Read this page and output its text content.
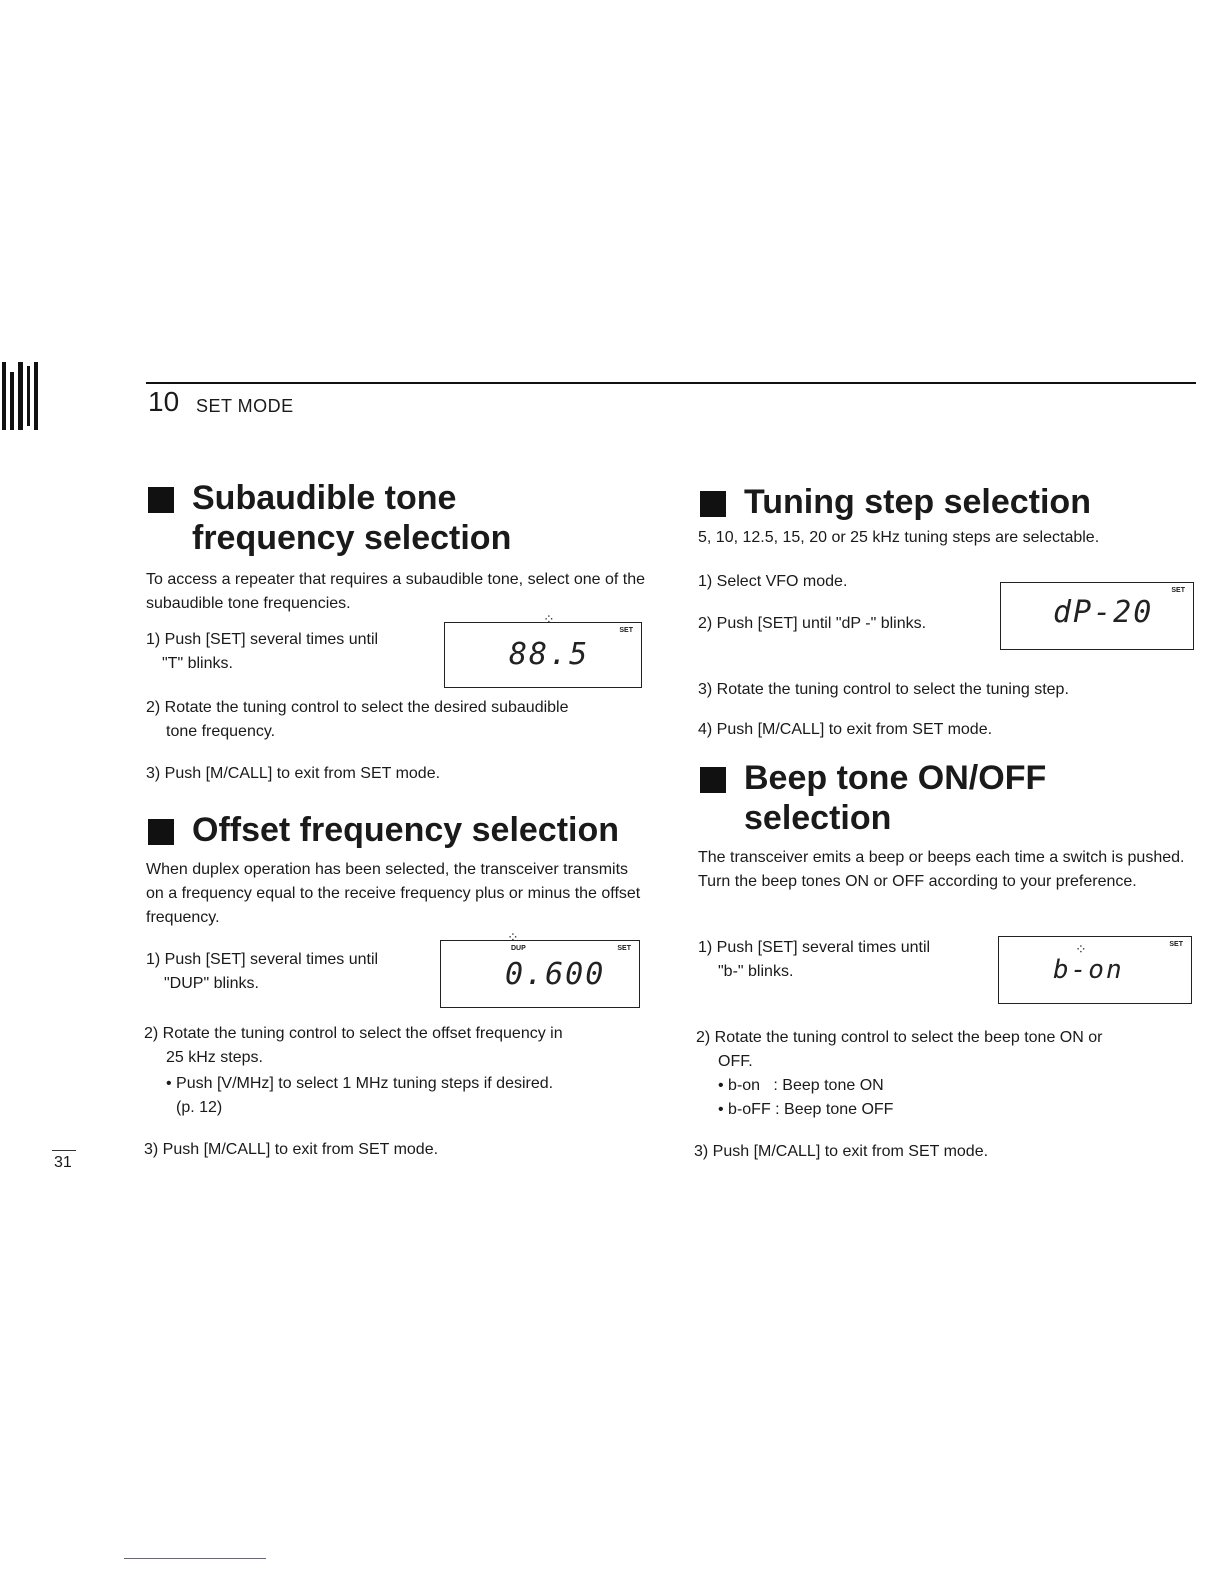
10 SET MODE
Subaudible tone
frequency selection

To access a repeater that requires a subaudible tone, select one of the subaudible tone frequencies.

1) Push [SET] several times until
"T" blinks.
⁘
88.5
SET
2) Rotate the tuning control to select the desired subaudible
tone frequency.
3) Push [M/CALL] to exit from SET mode.
Offset frequency selection

When duplex operation has been selected, the transceiver transmits on a frequency equal to the receive frequency plus or minus the offset frequency.

1) Push [SET] several times until
"DUP" blinks.
DUP
⁘
0.600
SET
2) Rotate the tuning control to select the offset frequency in
25 kHz steps.
• Push [V/MHz] to select 1 MHz tuning steps if desired.
(p. 12)
3) Push [M/CALL] to exit from SET mode.
Tuning step selection

5, 10, 12.5, 15, 20 or 25 kHz tuning steps are selectable.

1) Select VFO mode.
2) Push [SET] until "dP -" blinks.	dP-20
SET
3) Rotate the tuning control to select the tuning step.
4) Push [M/CALL] to exit from SET mode.
Beep tone ON/OFF
selection

The transceiver emits a beep or beeps each time a switch is pushed. Turn the beep tones ON or OFF according to your preference.

1) Push [SET] several times until
"b-" blinks.
⁘
b-on
SET
2) Rotate the tuning control to select the beep tone ON or
OFF.
• b-on   : Beep tone ON
• b-oFF : Beep tone OFF
3) Push [M/CALL] to exit from SET mode.
31
